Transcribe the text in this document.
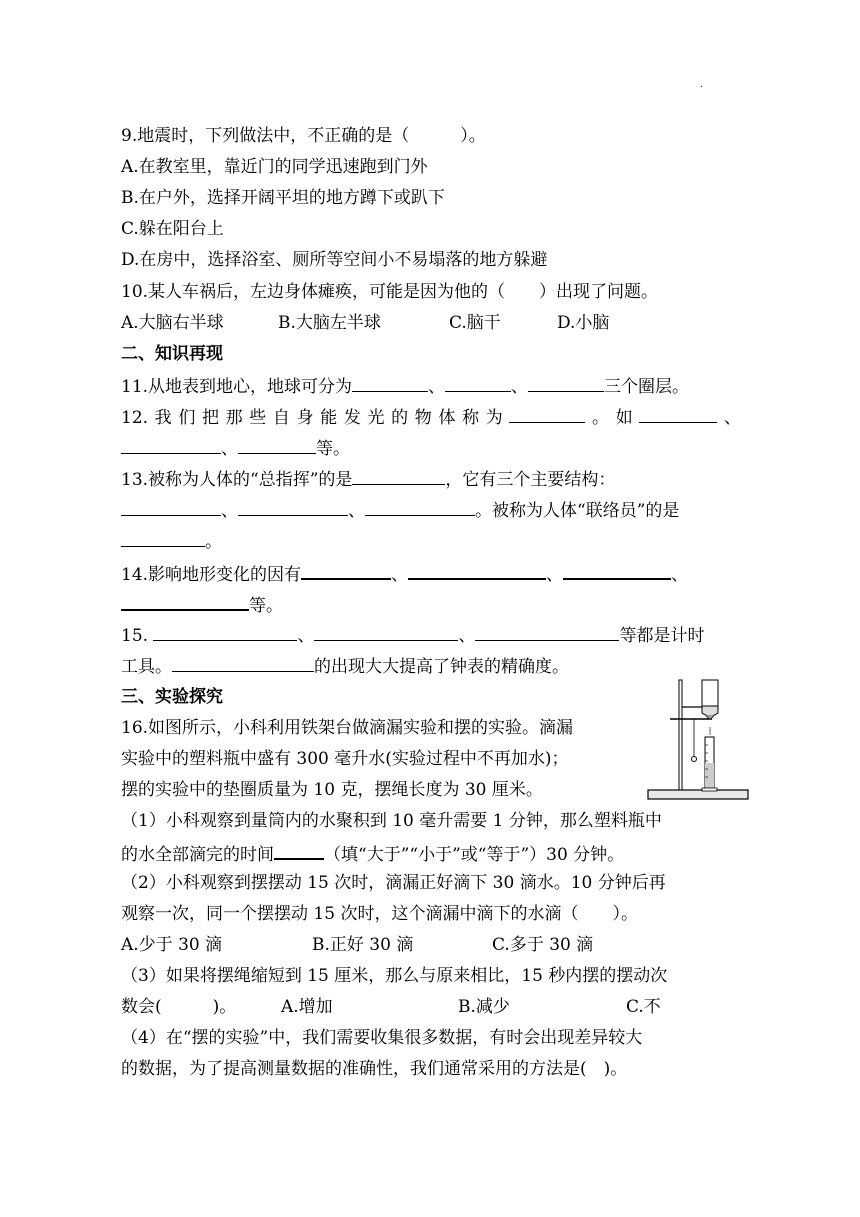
.
9.地震时，下列做法中，不正确的是（　　　）。
A.在教室里，靠近门的同学迅速跑到门外
B.在户外，选择开阔平坦的地方蹲下或趴下
C.躲在阳台上
D.在房中，选择浴室、厕所等空间小不易塌落的地方躲避
10.某人车祸后，左边身体瘫痪，可能是因为他的（　　）出现了问题。
A.大脑右半球	B.大脑左半球	C.脑干	D.小脑
二、知识再现
11.从地表到地心，地球可分为	、	、	三个圈层。
12.我们把那些自身能发光的物体称为	。如	、
、	等。
13.被称为人体的“总指挥”的是	，它有三个主要结构：
、	、	。被称为人体“联络员”的是
。
14.影响地形变化的因有	、	、	、
等。
15.	、	、	等都是计时
工具。	的出现大大提高了钟表的精确度。
三、实验探究
16.如图所示，小科利用铁架台做滴漏实验和摆的实验。滴漏
实验中的塑料瓶中盛有 300 毫升水(实验过程中不再加水)；
摆的实验中的垫圈质量为 10 克，摆绳长度为 30 厘米。
（1）小科观察到量筒内的水聚积到 10 毫升需要 1 分钟，那么塑料瓶中
的水全部滴完的时间	（填“大于”“小于”或“等于”）30 分钟。
（2）小科观察到摆摆动 15 次时，滴漏正好滴下 30 滴水。10 分钟后再
观察一次，同一个摆摆动 15 次时，这个滴漏中滴下的水滴（　　）。
A.少于 30 滴	B.正好 30 滴	C.多于 30 滴
（3）如果将摆绳缩短到 15 厘米，那么与原来相比，15 秒内摆的摆动次
数会(　　　)。	A.增加	B.减少	C.不
（4）在“摆的实验”中，我们需要收集很多数据，有时会出现差异较大
的数据，为了提高测量数据的准确性，我们通常采用的方法是(　)。
